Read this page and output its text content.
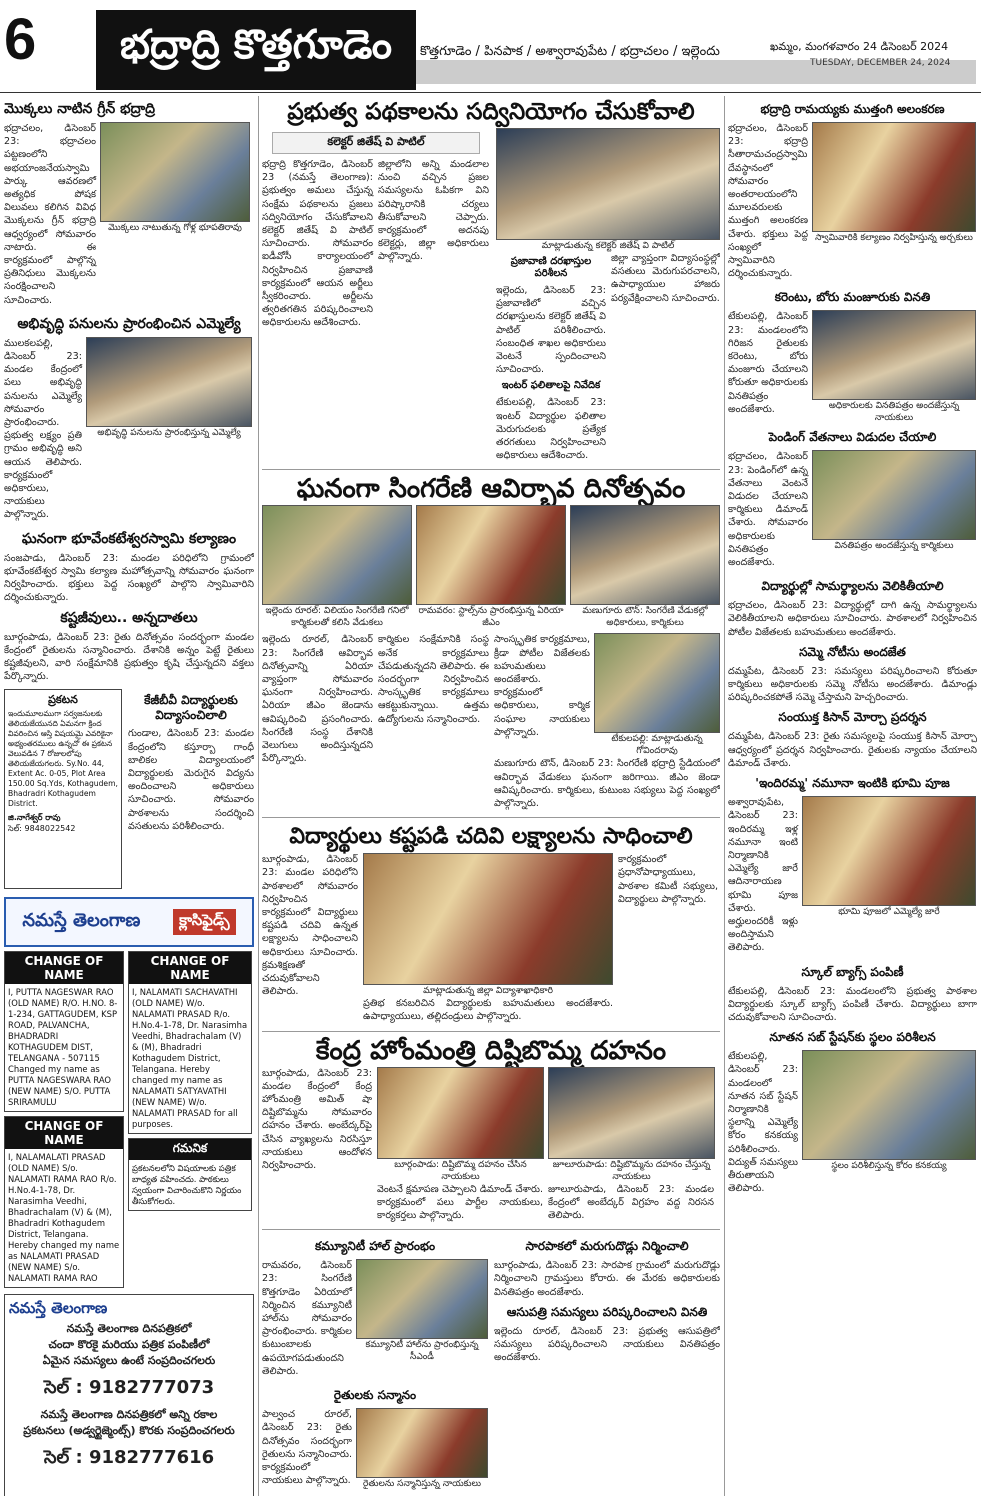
6	భద్రాద్రి కొత్తగూడెం	కొత్తగూడెం / పినపాక / అశ్వారావుపేట / భద్రాచలం / ఇల్లెందు	ఖమ్మం, మంగళవారం 24 డిసెంబర్ 2024
TUESDAY, DECEMBER 24, 2024
మొక్కలు నాటిన గ్రీన్ భద్రాద్రి

భద్రాచలం, డిసెంబర్ 23: భద్రాచలం పట్టణంలోని అభయాంజనేయస్వామి పార్కు ఆవరణలో అత్యధిక పోషక విలువలు కలిగిన వివిధ మొక్కలను గ్రీన్ భద్రాద్రి ఆధ్వర్యంలో సోమవారం నాటారు. ఈ కార్యక్రమంలో పాల్గొన్న ప్రతినిధులు మొక్కలను సంరక్షించాలని సూచించారు.

మొక్కలు నాటుతున్న గోళ్ల భూపతిరావు
అభివృద్ధి పనులను ప్రారంభించిన ఎమ్మెల్యే

ములకలపల్లి, డిసెంబర్ 23: మండల కేంద్రంలో పలు అభివృద్ధి పనులను ఎమ్మెల్యే సోమవారం ప్రారంభించారు. ప్రభుత్వ లక్ష్యం ప్రతి గ్రామం అభివృద్ధి అని ఆయన తెలిపారు. కార్యక్రమంలో అధికారులు, నాయకులు పాల్గొన్నారు.

అభివృద్ధి పనులను ప్రారంభిస్తున్న ఎమ్మెల్యే
ఘనంగా భూవేంకటేశ్వరస్వామి కల్యాణం

సంజపాడు, డిసెంబర్ 23: మండల పరిధిలోని గ్రామంలో భూవేంకటేశ్వర స్వామి కల్యాణ మహోత్సవాన్ని సోమవారం ఘనంగా నిర్వహించారు. భక్తులు పెద్ద సంఖ్యలో పాల్గొని స్వామివారిని దర్శించుకున్నారు.

కష్టజీవులు.. అన్నదాతలు

బూర్గంపాడు, డిసెంబర్ 23: రైతు దినోత్సవం సందర్భంగా మండల కేంద్రంలో రైతులను సన్మానించారు. దేశానికి అన్నం పెట్టే రైతులు కష్టజీవులని, వారి సంక్షేమానికి ప్రభుత్వం కృషి చేస్తున్నదని వక్తలు పేర్కొన్నారు.

ప్రకటన
ఇందుమూలముగా సర్వజనులకు తెలియజేయునది ఏమనగా క్రింద వివరించిన ఆస్తి విషయమై ఎవరికైనా అభ్యంతరములు ఉన్నచో ఈ ప్రకటన వెలువడిన 7 రోజులలోపు తెలియజేయగలరు. Sy.No. 44, Extent Ac. 0-05, Plot Area 150.00 Sq.Yds, Kothagudem, Bhadradri Kothagudem District.
జి.నాగేశ్వర్ రావు
సెల్: 9848022542
కేజీబీవీ విద్యార్థులకు విద్యాసంచిలాలి

గుండాల, డిసెంబర్ 23: మండల కేంద్రంలోని కస్తూర్బా గాంధీ బాలికల విద్యాలయంలో విద్యార్థులకు మెరుగైన విద్యను అందించాలని అధికారులు సూచించారు. సోమవారం పాఠశాలను సందర్శించి వసతులను పరిశీలించారు.

నమస్తే తెలంగాణ	క్లాసిఫైడ్స్
CHANGE OF NAME
I, PUTTA NAGESWAR RAO (OLD NAME) R/O. H.NO. 8-1-234, GATTAGUDEM, KSP ROAD, PALVANCHA, BHADRADRI KOTHAGUDEM DIST, TELANGANA - 507115 Changed my name as PUTTA NAGESWARA RAO (NEW NAME) S/O. PUTTA SRIRAMULU
CHANGE OF NAME
I, NALAMALATI PRASAD (OLD NAME) S/o. NALAMATI RAMA RAO R/o. H.No.4-1-78, Dr. Narasimha Veedhi, Bhadrachalam (V) & (M), Bhadradri Kothagudem District, Telangana. Hereby changed my name as NALAMATI PRASAD (NEW NAME) S/o. NALAMATI RAMA RAO
CHANGE OF NAME
I, NALAMATI SACHAVATHI (OLD NAME) W/o. NALAMATI PRASAD R/o. H.No.4-1-78, Dr. Narasimha Veedhi, Bhadrachalam (V) & (M), Bhadradri Kothagudem District, Telangana. Hereby changed my name as NALAMATI SATYAVATHI (NEW NAME) W/o. NALAMATI PRASAD for all purposes.
గమనిక
ప్రకటనలలోని విషయాలకు పత్రిక బాధ్యత వహించదు. పాఠకులు స్వయంగా విచారించుకొని నిర్ణయం తీసుకోగలరు.
నమస్తే తెలంగాణ
నమస్తే తెలంగాణ దినపత్రికలో
చందా కొరకై మరియు పత్రిక పంపిణీలో
ఏమైన సమస్యలు ఉంటే సంప్రదించగలరు
సెల్ : 9182777073
నమస్తే తెలంగాణ దినపత్రికలో అన్ని రకాల
ప్రకటనలు (అడ్వర్టైజ్మెంట్స్) కొరకు సంప్రదించగలరు
సెల్ : 9182777616
ప్రభుత్వ పథకాలను సద్వినియోగం చేసుకోవాలి
కలెక్టర్ జితేష్ వి పాటిల్

భద్రాద్రి కొత్తగూడెం, డిసెంబర్ 23 (నమస్తే తెలంగాణ): ప్రభుత్వం అమలు చేస్తున్న సంక్షేమ పథకాలను ప్రజలు సద్వినియోగం చేసుకోవాలని కలెక్టర్ జితేష్ వి పాటిల్ సూచించారు. సోమవారం ఐడీవోసీ కార్యాలయంలో నిర్వహించిన ప్రజావాణి కార్యక్రమంలో ఆయన అర్జీలు స్వీకరించారు. అర్జీలను త్వరితగతిన పరిష్కరించాలని అధికారులను ఆదేశించారు.

జిల్లాలోని అన్ని మండలాల నుంచి వచ్చిన ప్రజల సమస్యలను ఓపికగా విని పరిష్కారానికి చర్యలు తీసుకోవాలని చెప్పారు. కార్యక్రమంలో అదనపు కలెక్టర్లు, జిల్లా అధికారులు పాల్గొన్నారు.

మాట్లాడుతున్న కలెక్టర్ జితేష్ వి పాటిల్
ప్రజావాణి దరఖాస్తుల పరిశీలన

ఇల్లెందు, డిసెంబర్ 23: ప్రజావాణిలో వచ్చిన దరఖాస్తులను కలెక్టర్ జితేష్ వి పాటిల్ పరిశీలించారు. సంబంధిత శాఖల అధికారులు వెంటనే స్పందించాలని సూచించారు.

ఇంటర్ ఫలితాలపై నివేదిక

టేకులపల్లి, డిసెంబర్ 23: ఇంటర్ విద్యార్థుల ఫలితాల మెరుగుదలకు ప్రత్యేక తరగతులు నిర్వహించాలని అధికారులు ఆదేశించారు.

జిల్లా వ్యాప్తంగా విద్యాసంస్థల్లో వసతులు మెరుగుపరచాలని, ఉపాధ్యాయుల హాజరు పర్యవేక్షించాలని సూచించారు.

ఘనంగా సింగరేణి ఆవిర్భావ దినోత్సవం
ఇల్లెందు రూరల్: విలియం సింగరేణి గనిలో కార్మికులతో కలిసి వేడుకలు
రామవరం: స్టాల్స్‌ను ప్రారంభిస్తున్న ఏరియా జీఎం
మణుగూరు టౌన్: సింగరేణి వేడుకల్లో అధికారులు, కార్మికులు

ఇల్లెందు రూరల్, డిసెంబర్ 23: సింగరేణి ఆవిర్భావ దినోత్సవాన్ని ఏరియా వ్యాప్తంగా సోమవారం ఘనంగా నిర్వహించారు. ఏరియా జీఎం జెండాను ఆవిష్కరించి ప్రసంగించారు. సింగరేణి సంస్థ దేశానికి వెలుగులు అందిస్తున్నదని పేర్కొన్నారు.

కార్మికుల సంక్షేమానికి సంస్థ అనేక కార్యక్రమాలు చేపడుతున్నదని తెలిపారు. ఈ సందర్భంగా నిర్వహించిన సాంస్కృతిక కార్యక్రమాలు ఆకట్టుకున్నాయి. ఉత్తమ ఉద్యోగులను సన్మానించారు.

సాంస్కృతిక కార్యక్రమాలు, క్రీడా పోటీల విజేతలకు బహుమతులు అందజేశారు. కార్యక్రమంలో అధికారులు, కార్మిక సంఘాల నాయకులు పాల్గొన్నారు.

టేకులపల్లి: మాట్లాడుతున్న గోవిందరావు

మణుగూరు టౌన్, డిసెంబర్ 23: సింగరేణి భద్రాద్రి స్టేడియంలో ఆవిర్భావ వేడుకలు ఘనంగా జరిగాయి. జీఎం జెండా ఆవిష్కరించారు. కార్మికులు, కుటుంబ సభ్యులు పెద్ద సంఖ్యలో పాల్గొన్నారు.

విద్యార్థులు కష్టపడి చదివి లక్ష్యాలను సాధించాలి

బూర్గంపాడు, డిసెంబర్ 23: మండల పరిధిలోని పాఠశాలలో సోమవారం నిర్వహించిన కార్యక్రమంలో విద్యార్థులు కష్టపడి చదివి ఉన్నత లక్ష్యాలను సాధించాలని అధికారులు సూచించారు. క్రమశిక్షణతో చదువుకోవాలని తెలిపారు.	మాట్లాడుతున్న జిల్లా విద్యాశాఖాధికారి

ప్రతిభ కనబరిచిన విద్యార్థులకు బహుమతులు అందజేశారు. ఉపాధ్యాయులు, తల్లిదండ్రులు పాల్గొన్నారు.

కార్యక్రమంలో ప్రధానోపాధ్యాయులు, పాఠశాల కమిటీ సభ్యులు, విద్యార్థులు పాల్గొన్నారు.

కేంద్ర హోంమంత్రి దిష్టిబొమ్మ దహనం

బూర్గంపాడు, డిసెంబర్ 23: మండల కేంద్రంలో కేంద్ర హోంమంత్రి అమిత్ షా దిష్టిబొమ్మను సోమవారం దహనం చేశారు. అంబేద్కర్‌పై చేసిన వ్యాఖ్యలను నిరసిస్తూ నాయకులు ఆందోళన నిర్వహించారు.	బూర్గంపాడు: దిష్టిబొమ్మ దహనం చేసిన నాయకులు
జూలూరుపాడు: దిష్టిబొమ్మను దహనం చేస్తున్న నాయకులు

వెంటనే క్షమాపణ చెప్పాలని డిమాండ్ చేశారు. కార్యక్రమంలో పలు పార్టీల నాయకులు, కార్యకర్తలు పాల్గొన్నారు.

జూలూరుపాడు, డిసెంబర్ 23: మండల కేంద్రంలో అంబేద్కర్ విగ్రహం వద్ద నిరసన తెలిపారు.

కమ్యూనిటీ హాల్ ప్రారంభం

రామవరం, డిసెంబర్ 23: సింగరేణి కొత్తగూడెం ఏరియాలో నిర్మించిన కమ్యూనిటీ హాల్‌ను సోమవారం ప్రారంభించారు. కార్మికుల కుటుంబాలకు ఉపయోగపడుతుందని తెలిపారు.

కమ్యూనిటీ హాల్‌ను ప్రారంభిస్తున్న సీఎండీ
రైతులకు సన్మానం

పాల్వంచ రూరల్, డిసెంబర్ 23: రైతు దినోత్సవం సందర్భంగా రైతులను సన్మానించారు. కార్యక్రమంలో నాయకులు పాల్గొన్నారు.	రైతులను సన్మానిస్తున్న నాయకులు
సారపాకలో మరుగుదొడ్లు నిర్మించాలి

బూర్గంపాడు, డిసెంబర్ 23: సారపాక గ్రామంలో మరుగుదొడ్లు నిర్మించాలని గ్రామస్తులు కోరారు. ఈ మేరకు అధికారులకు వినతిపత్రం అందజేశారు.

ఆసుపత్రి సమస్యలు పరిష్కరించాలని వినతి

ఇల్లెందు రూరల్, డిసెంబర్ 23: ప్రభుత్వ ఆసుపత్రిలో సమస్యలు పరిష్కరించాలని నాయకులు వినతిపత్రం అందజేశారు.

భద్రాద్రి రామయ్యకు ముత్తంగి అలంకరణ

భద్రాచలం, డిసెంబర్ 23: భద్రాద్రి సీతారామచంద్రస్వామి దేవస్థానంలో సోమవారం అంతరాలయంలోని మూలవరులకు ముత్తంగి అలంకరణ చేశారు. భక్తులు పెద్ద సంఖ్యలో స్వామివారిని దర్శించుకున్నారు.

స్వామివారికి కల్యాణం నిర్వహిస్తున్న అర్చకులు
కరెంటు, బోరు మంజూరుకు వినతి

టేకులపల్లి, డిసెంబర్ 23: మండలంలోని గిరిజన రైతులకు కరెంటు, బోరు మంజూరు చేయాలని కోరుతూ అధికారులకు వినతిపత్రం అందజేశారు.	అధికారులకు వినతిపత్రం అందజేస్తున్న నాయకులు
పెండింగ్ వేతనాలు విడుదల చేయాలి

భద్రాచలం, డిసెంబర్ 23: పెండింగ్‌లో ఉన్న వేతనాలు వెంటనే విడుదల చేయాలని కార్మికులు డిమాండ్ చేశారు. సోమవారం అధికారులకు వినతిపత్రం అందజేశారు.

వినతిపత్రం అందజేస్తున్న కార్మికులు
విద్యార్థుల్లో సామర్థ్యాలను వెలికితీయాలి

భద్రాచలం, డిసెంబర్ 23: విద్యార్థుల్లో దాగి ఉన్న సామర్థ్యాలను వెలికితీయాలని అధికారులు సూచించారు. పాఠశాలలో నిర్వహించిన పోటీల విజేతలకు బహుమతులు అందజేశారు.

సమ్మె నోటీసు అందజేత

దమ్మపేట, డిసెంబర్ 23: సమస్యలు పరిష్కరించాలని కోరుతూ కార్మికులు అధికారులకు సమ్మె నోటీసు అందజేశారు. డిమాండ్లు పరిష్కరించకపోతే సమ్మె చేస్తామని హెచ్చరించారు.

సంయుక్త కిసాన్ మోర్చా ప్రదర్శన

దమ్మపేట, డిసెంబర్ 23: రైతు సమస్యలపై సంయుక్త కిసాన్ మోర్చా ఆధ్వర్యంలో ప్రదర్శన నిర్వహించారు. రైతులకు న్యాయం చేయాలని డిమాండ్ చేశారు.

'ఇందిరమ్మ' నమూనా ఇంటికి భూమి పూజ

అశ్వారావుపేట, డిసెంబర్ 23: ఇందిరమ్మ ఇళ్ల నమూనా ఇంటి నిర్మాణానికి ఎమ్మెల్యే జారే ఆదినారాయణ భూమి పూజ చేశారు. అర్హులందరికీ ఇళ్లు అందిస్తామని తెలిపారు.

భూమి పూజలో ఎమ్మెల్యే జారే
స్కూల్ బ్యాగ్స్ పంపిణీ

టేకులపల్లి, డిసెంబర్ 23: మండలంలోని ప్రభుత్వ పాఠశాల విద్యార్థులకు స్కూల్ బ్యాగ్స్ పంపిణీ చేశారు. విద్యార్థులు బాగా చదువుకోవాలని సూచించారు.

నూతన సబ్ స్టేషన్‌కు స్థలం పరిశీలన

టేకులపల్లి, డిసెంబర్ 23: మండలంలో నూతన సబ్ స్టేషన్ నిర్మాణానికి స్థలాన్ని ఎమ్మెల్యే కోరం కనకయ్య పరిశీలించారు. విద్యుత్ సమస్యలు తీరుతాయని తెలిపారు.

స్థలం పరిశీలిస్తున్న కోరం కనకయ్య
